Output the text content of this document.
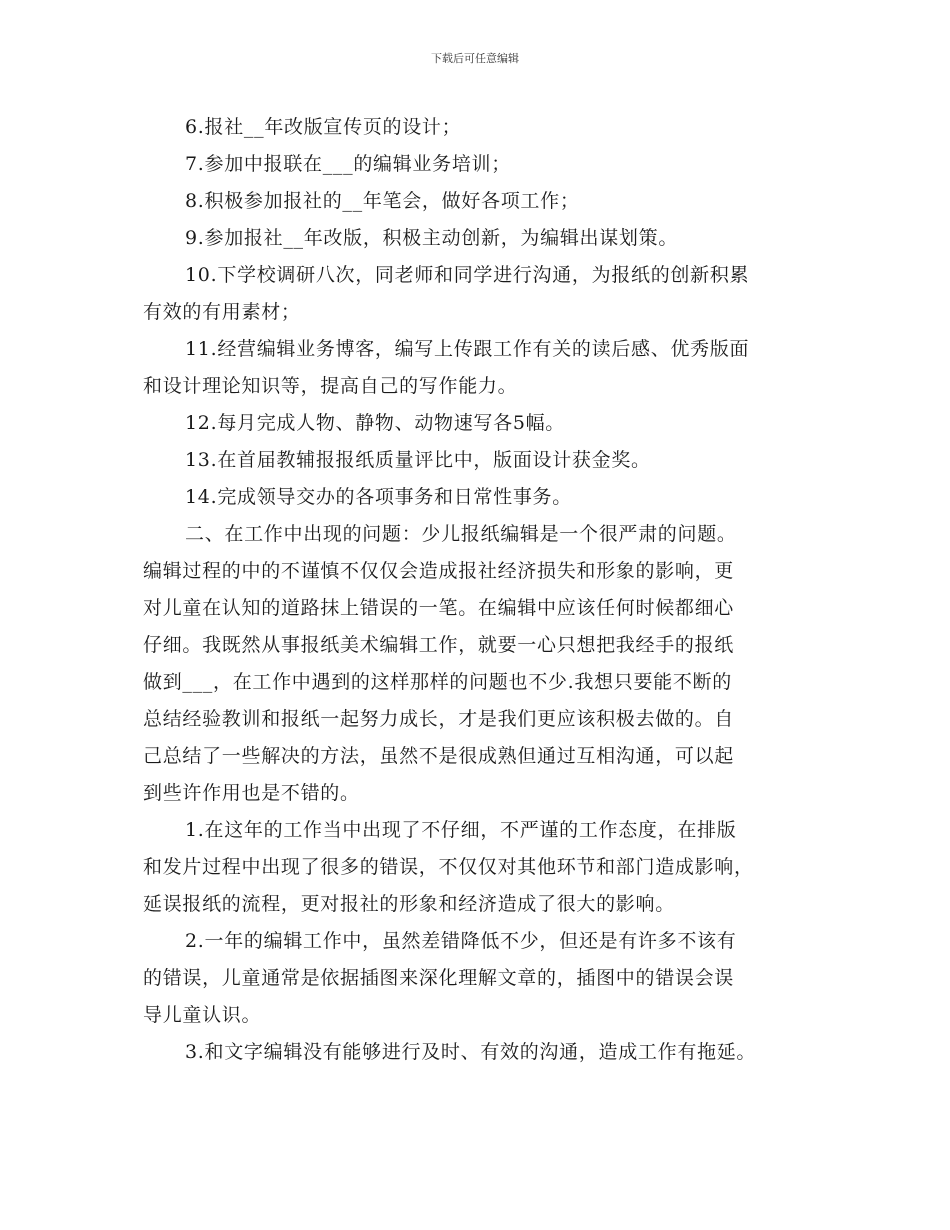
下载后可任意编辑
6.报社__年改版宣传页的设计；
7.参加中报联在___的编辑业务培训；
8.积极参加报社的__年笔会，做好各项工作；
9.参加报社__年改版，积极主动创新，为编辑出谋划策。
10.下学校调研八次，同老师和同学进行沟通，为报纸的创新积累
有效的有用素材；
11.经营编辑业务博客，编写上传跟工作有关的读后感、优秀版面
和设计理论知识等，提高自己的写作能力。
12.每月完成人物、静物、动物速写各5幅。
13.在首届教辅报报纸质量评比中，版面设计获金奖。
14.完成领导交办的各项事务和日常性事务。
二、在工作中出现的问题：少儿报纸编辑是一个很严肃的问题。
编辑过程的中的不谨慎不仅仅会造成报社经济损失和形象的影响，更
对儿童在认知的道路抹上错误的一笔。在编辑中应该任何时候都细心
仔细。我既然从事报纸美术编辑工作，就要一心只想把我经手的报纸
做到___，在工作中遇到的这样那样的问题也不少.我想只要能不断的
总结经验教训和报纸一起努力成长，才是我们更应该积极去做的。自
己总结了一些解决的方法，虽然不是很成熟但通过互相沟通，可以起
到些许作用也是不错的。
1.在这年的工作当中出现了不仔细，不严谨的工作态度，在排版
和发片过程中出现了很多的错误，不仅仅对其他环节和部门造成影响，
延误报纸的流程，更对报社的形象和经济造成了很大的影响。
2.一年的编辑工作中，虽然差错降低不少，但还是有许多不该有
的错误，儿童通常是依据插图来深化理解文章的，插图中的错误会误
导儿童认识。
3.和文字编辑没有能够进行及时、有效的沟通，造成工作有拖延。
